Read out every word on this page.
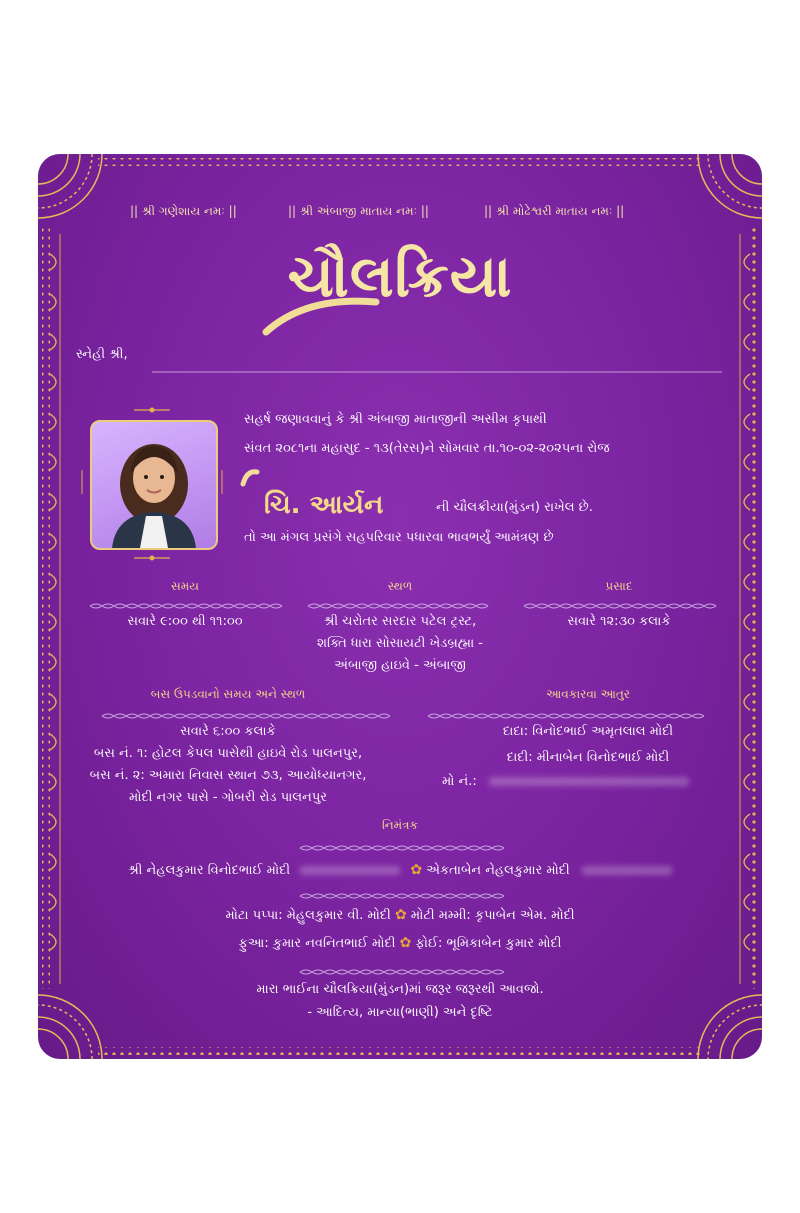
|| શ્રી ગણેશાય નમઃ ||	|| શ્રી અંબાજી માતાય નમઃ ||	|| શ્રી મોઢેશ્વરી માતાય નમઃ ||
ચૌલક્રિયા
સ્નેહી શ્રી,
સહર્ષ જણાવવાનું કે શ્રી અંબાજી માતાજીની અસીમ કૃપાથી
સંવત ૨૦૮૧ના મહાસુદ - ૧૩(તેરસ)ને સોમવાર તા.૧૦-૦૨-૨૦૨૫ના રોજ
ચિ. આર્યન	ની ચૌલક્રીયા(મુંડન) રાખેલ છે.
તો આ મંગલ પ્રસંગે સહપરિવાર પધારવા ભાવભર્યું આમંત્રણ છે
સમય
સવારે ૯:૦૦ થી ૧૧:૦૦
સ્થળ
શ્રી ચરોતર સરદાર પટેલ ટ્રસ્ટ,
શક્તિ ધારા સોસાયટી ખેડબ્રહ્મા -
અંબાજી હાઇવે - અંબાજી
પ્રસાદ
સવારે ૧૨:૩૦ કલાકે
બસ ઉપડવાનો સમય અને સ્થળ
સવારે ૬:૦૦ કલાકે
બસ નં. ૧: હોટલ કેપલ પાસેથી હાઇવે રોડ પાલનપુર,
બસ નં. ૨: અમારા નિવાસ સ્થાન ૭૩, આયોધ્યાનગર,
મોદી નગર પાસે - ગોબરી રોડ પાલનપુર
આવકારવા આતુર
દાદા: વિનોદભાઈ અમૃતલાલ મોદી
દાદી: મીનાબેન વિનોદભાઈ મોદી
મો નં.:
નિમંત્રક
શ્રી નેહલકુમાર વિનોદભાઈ મોદી	✿ એકતાબેન નેહલકુમાર મોદી
મોટા પપ્પા: મેહુલકુમાર વી. મોદી ✿ મોટી મમ્મી: કૃપાબેન એમ. મોદી
ફુઆ: કુમાર નવનિતભાઈ મોદી ✿ ફોઈ: ભૂમિકાબેન કુમાર મોદી
મારા ભાઈના ચૌલક્રિયા(મુંડન)માં જરૂર જરૂરથી આવજો.
- આદિત્ય, માન્યા(ભાણી) અને દૃષ્ટિ
